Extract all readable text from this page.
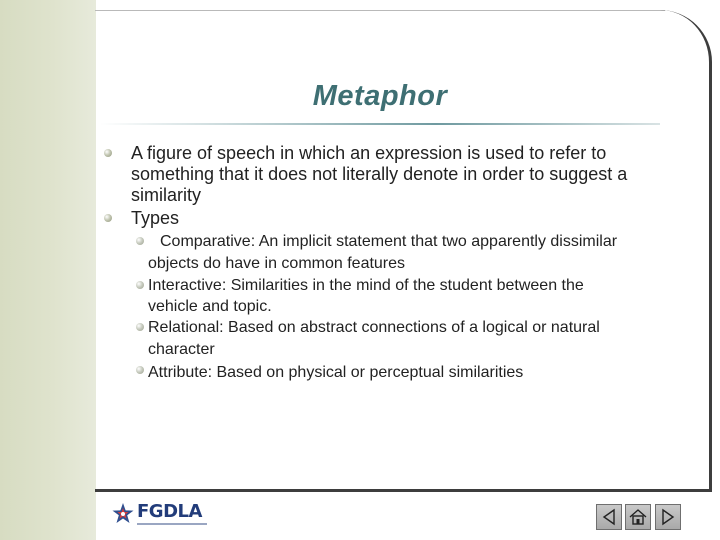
Metaphor
A figure of speech in which an expression is used to refer to
something that it does not literally denote in order to suggest a
similarity
Types
Comparative: An implicit statement that two apparently dissimilar
objects do have in common features
Interactive: Similarities in the mind of the student between the
vehicle and topic.
Relational: Based on abstract connections of a logical or natural
character
Attribute: Based on physical or perceptual similarities
FGDLA
